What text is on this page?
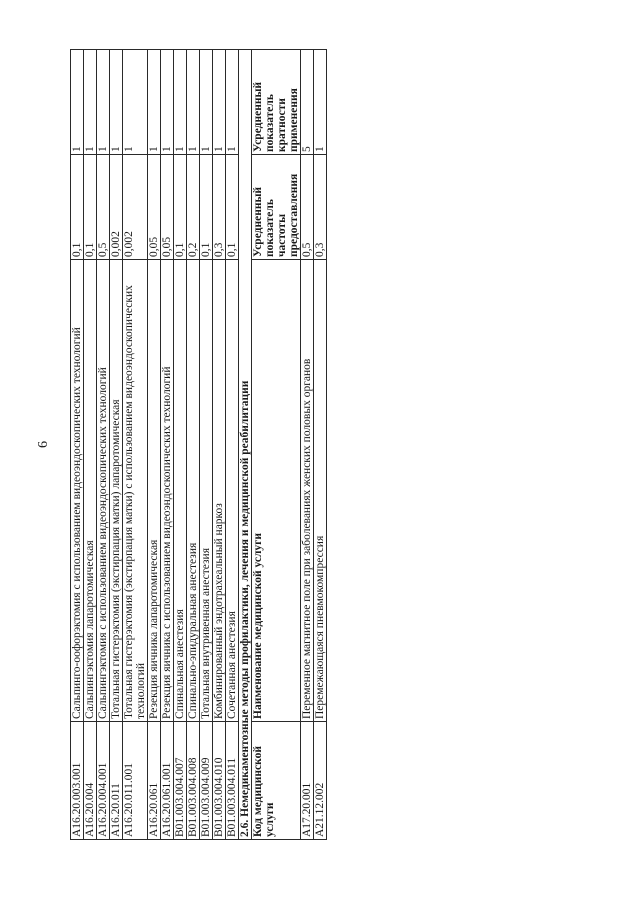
6
A16.20.003.001	Сальпинго-оофорэктомия с использованием видеоэндоскопических технологий	0,1	1
A16.20.004	Сальпингэктомия лапаротомическая	0,1	1
A16.20.004.001	Сальпингэктомия с использованием видеоэндоскопических технологий	0,5	1
A16.20.011	Тотальная гистерэктомия (экстирпация матки) лапаротомическая	0,002	1
A16.20.011.001	Тотальная гистерэктомия (экстирпация матки) с использованием видеоэндоскопических технологий	0,002	1
A16.20.061	Резекция яичника лапаротомическая	0,05	1
A16.20.061.001	Резекция яичника с использованием видеоэндоскопических технологий	0,05	1
B01.003.004.007	Спинальная анестезия	0,1	1
B01.003.004.008	Спинально-эпидуральная анестезия	0,2	1
B01.003.004.009	Тотальная внутривенная анестезия	0,1	1
B01.003.004.010	Комбинированный эндотрахеальный наркоз	0,3	1
B01.003.004.011	Сочетанная анестезия	0,1	1
2.6. Немедикаментозные методы профилактики, лечения и медицинской реабилитации			
Код медицинской услуги	Наименование медицинской услуги	Усредненный показатель частоты предоставления	Усредненный показатель кратности применения
A17.20.001	Переменное магнитное поле при заболеваниях женских половых органов	0,5	5
A21.12.002	Перемежающаяся пневмокомпрессия	0,3	1
